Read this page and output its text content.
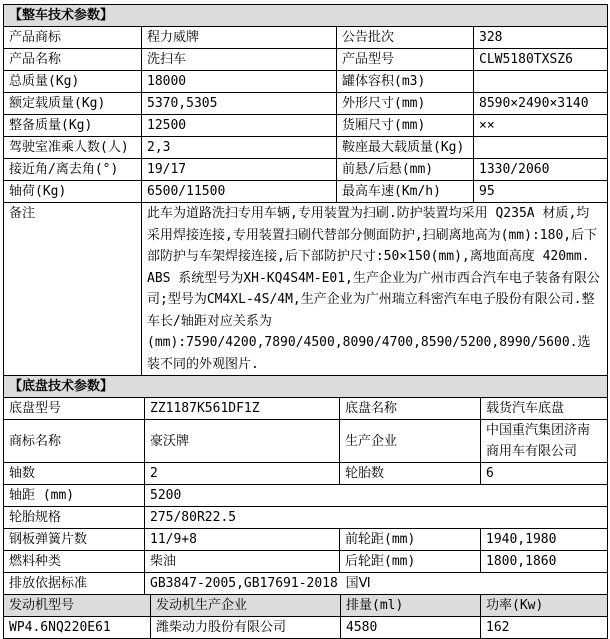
【整车技术参数】			
产品商标	程力威牌	公告批次	328
产品名称	洗扫车	产品型号	CLW5180TXSZ6
总质量(Kg)	18000	罐体容积(m3)	
额定载质量(Kg)	5370,5305	外形尺寸(mm)	8590×2490×3140
整备质量(Kg)	12500	货厢尺寸(mm)	××
驾驶室准乘人数(人)	2,3	鞍座最大载质量(Kg)	
接近角/离去角(°)	19/17	前悬/后悬(mm)	1330/2060
轴荷(Kg)	6500/11500	最高车速(Km/h)	95
备注	此车为道路洗扫专用车辆,专用装置为扫刷.防护装置均采用 Q235A 材质,均采用焊接连接,专用装置扫刷代替部分侧面防护,扫刷离地高为(mm):180,后下部防护与车架焊接连接,后下部防护尺寸:50×150(mm),离地面高度 420mm. ABS 系统型号为XH-KQ4S4M-E01,生产企业为广州市西合汽车电子装备有限公司;型号为CM4XL-4S/4M,生产企业为广州瑞立科密汽车电子股份有限公司.整车长/轴距对应关系为(mm):7590/4200,7890/4500,8090/4700,8590/5200,8990/5600.选装不同的外观图片.		
【底盘技术参数】			
底盘型号	ZZ1187K561DF1Z	底盘名称	载货汽车底盘
商标名称	豪沃牌	生产企业	中国重汽集团济南商用车有限公司
轴数	2	轮胎数	6
轴距 (mm)	5200		
轮胎规格	275/80R22.5		
钢板弹簧片数	11/9+8	前轮距(mm)	1940,1980
燃料种类	柴油	后轮距(mm)	1800,1860
排放依据标准	GB3847-2005,GB17691-2018 国Ⅵ		
发动机型号	发动机生产企业	排量(ml)	功率(Kw)
WP4.6NQ220E61	潍柴动力股份有限公司	4580	162
